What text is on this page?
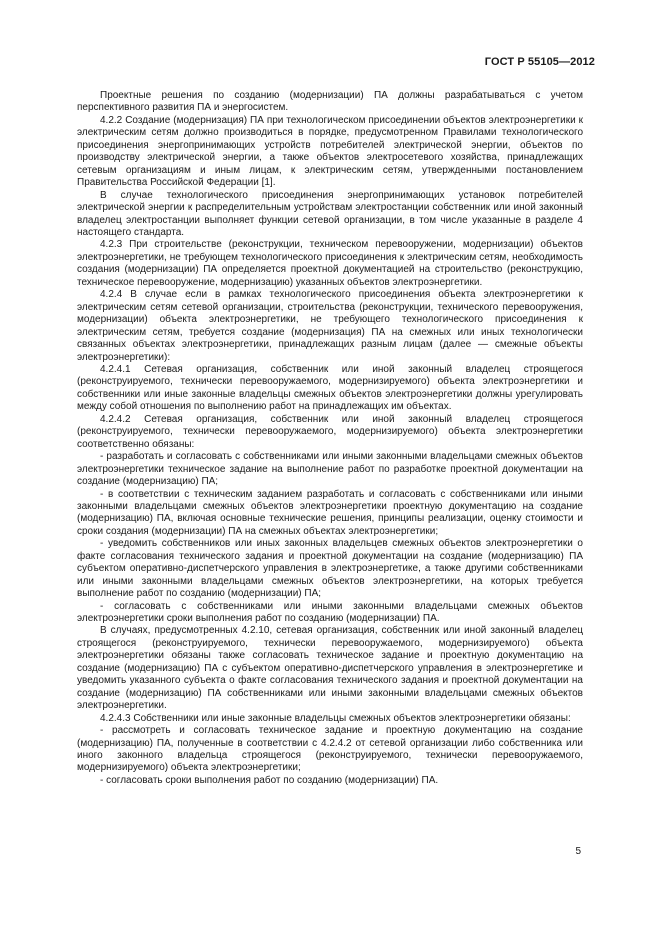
ГОСТ Р 55105—2012

Проектные решения по созданию (модернизации) ПА должны разрабатываться с учетом перспективного развития ПА и энергосистем.

4.2.2 Создание (модернизация) ПА при технологическом присоединении объектов электроэнергетики к электрическим сетям должно производиться в порядке, предусмотренном Правилами технологического присоединения энергопринимающих устройств потребителей электрической энергии, объектов по производству электрической энергии, а также объектов электросетевого хозяйства, принадлежащих сетевым организациям и иным лицам, к электрическим сетям, утвержденными постановлением Правительства Российской Федерации [1].

В случае технологического присоединения энергопринимающих установок потребителей электрической энергии к распределительным устройствам электростанции собственник или иной законный владелец электростанции выполняет функции сетевой организации, в том числе указанные в разделе 4 настоящего стандарта.

4.2.3 При строительстве (реконструкции, техническом перевооружении, модернизации) объектов электроэнергетики, не требующем технологического присоединения к электрическим сетям, необходимость создания (модернизации) ПА определяется проектной документацией на строительство (реконструкцию, техническое перевооружение, модернизацию) указанных объектов электроэнергетики.

4.2.4 В случае если в рамках технологического присоединения объекта электроэнергетики к электрическим сетям сетевой организации, строительства (реконструкции, технического перевооружения, модернизации) объекта электроэнергетики, не требующего технологического присоединения к электрическим сетям, требуется создание (модернизация) ПА на смежных или иных технологически связанных объектах электроэнергетики, принадлежащих разным лицам (далее — смежные объекты электроэнергетики):

4.2.4.1 Сетевая организация, собственник или иной законный владелец строящегося (реконструируемого, технически перевооружаемого, модернизируемого) объекта электроэнергетики и собственники или иные законные владельцы смежных объектов электроэнергетики должны урегулировать между собой отношения по выполнению работ на принадлежащих им объектах.

4.2.4.2 Сетевая организация, собственник или иной законный владелец строящегося (реконструируемого, технически перевооружаемого, модернизируемого) объекта электроэнергетики соответственно обязаны:

- разработать и согласовать с собственниками или иными законными владельцами смежных объектов электроэнергетики техническое задание на выполнение работ по разработке проектной документации на создание (модернизацию) ПА;

- в соответствии с техническим заданием разработать и согласовать с собственниками или иными законными владельцами смежных объектов электроэнергетики проектную документацию на создание (модернизацию) ПА, включая основные технические решения, принципы реализации, оценку стоимости и сроки создания (модернизации) ПА на смежных объектах электроэнергетики;

- уведомить собственников или иных законных владельцев смежных объектов электроэнергетики о факте согласования технического задания и проектной документации на создание (модернизацию) ПА субъектом оперативно-диспетчерского управления в электроэнергетике, а также другими собственниками или иными законными владельцами смежных объектов электроэнергетики, на которых требуется выполнение работ по созданию (модернизации) ПА;

- согласовать с собственниками или иными законными владельцами смежных объектов электроэнергетики сроки выполнения работ по созданию (модернизации) ПА.

В случаях, предусмотренных 4.2.10, сетевая организация, собственник или иной законный владелец строящегося (реконструируемого, технически перевооружаемого, модернизируемого) объекта электроэнергетики обязаны также согласовать техническое задание и проектную документацию на создание (модернизацию) ПА с субъектом оперативно-диспетчерского управления в электроэнергетике и уведомить указанного субъекта о факте согласования технического задания и проектной документации на создание (модернизацию) ПА собственниками или иными законными владельцами смежных объектов электроэнергетики.

4.2.4.3 Собственники или иные законные владельцы смежных объектов электроэнергетики обязаны:

- рассмотреть и согласовать техническое задание и проектную документацию на создание (модернизацию) ПА, полученные в соответствии с 4.2.4.2 от сетевой организации либо собственника или иного законного владельца строящегося (реконструируемого, технически перевооружаемого, модернизируемого) объекта электроэнергетики;

- согласовать сроки выполнения работ по созданию (модернизации) ПА.

5
